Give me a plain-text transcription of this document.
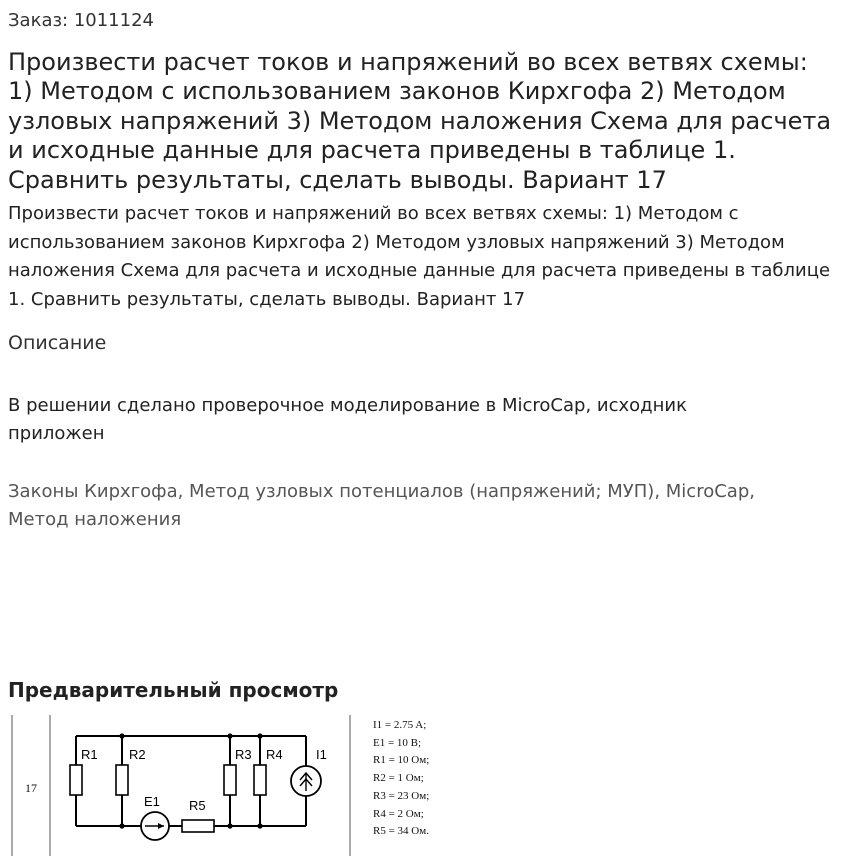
Заказ: 1011124
Произвести расчет токов и напряжений во всех ветвях схемы: 1) Методом с использованием законов Кирхгофа 2) Методом узловых напряжений 3) Методом наложения Схема для расчета и исходные данные для расчета приведены в таблице 1. Сравнить результаты, сделать выводы. Вариант 17

Произвести расчет токов и напряжений во всех ветвях схемы: 1) Методом с использованием законов Кирхгофа 2) Методом узловых напряжений 3) Методом наложения Схема для расчета и исходные данные для расчета приведены в таблице 1. Сравнить результаты, сделать выводы. Вариант 17

Описание

В решении сделано проверочное моделирование в MicroCap, исходник приложен

Законы Кирхгофа, Метод узловых потенциалов (напряжений; МУП), MicroCap, Метод наложения

Предварительный просмотр
17
R1 R2	R3 R4	I1
E1 R5
I1 = 2.75 A;
E1 = 10 В;
R1 = 10 Ом;
R2 = 1 Ом;
R3 = 23 Ом;
R4 = 2 Ом;
R5 = 34 Ом.
